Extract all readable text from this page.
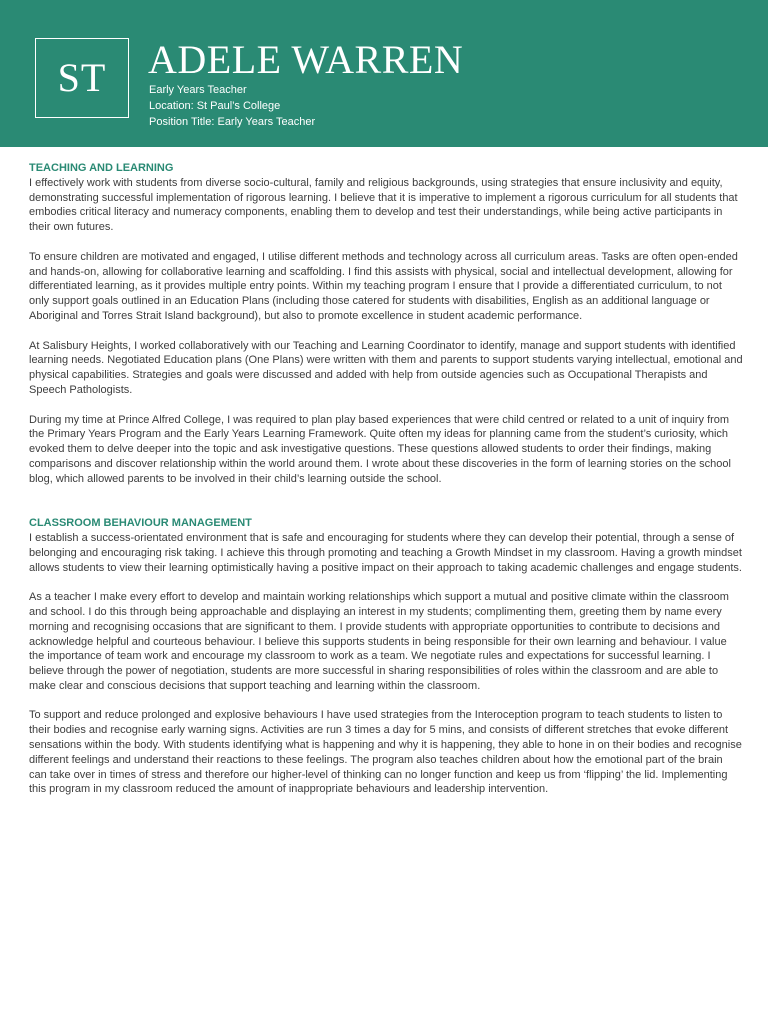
ST	ADELE WARREN
Early Years Teacher
Location: St Paul’s College
Position Title: Early Years Teacher
TEACHING AND LEARNING

I effectively work with students from diverse socio-cultural, family and religious backgrounds, using strategies that ensure inclusivity and equity, demonstrating successful implementation of rigorous learning. I believe that it is imperative to implement a rigorous curriculum for all students that embodies critical literacy and numeracy components, enabling them to develop and test their understandings, while being active participants in their own futures.

To ensure children are motivated and engaged, I utilise different methods and technology across all curriculum areas. Tasks are often open-ended and hands-on, allowing for collaborative learning and scaffolding. I find this assists with physical, social and intellectual development, allowing for differentiated learning, as it provides multiple entry points. Within my teaching program I ensure that I provide a differentiated curriculum, to not only support goals outlined in an Education Plans (including those catered for students with disabilities, English as an additional language or Aboriginal and Torres Strait Island background), but also to promote excellence in student academic performance.

At Salisbury Heights, I worked collaboratively with our Teaching and Learning Coordinator to identify, manage and support students with identified learning needs. Negotiated Education plans (One Plans) were written with them and parents to support students varying intellectual, emotional and physical capabilities. Strategies and goals were discussed and added with help from outside agencies such as Occupational Therapists and Speech Pathologists.

During my time at Prince Alfred College, I was required to plan play based experiences that were child centred or related to a unit of inquiry from the Primary Years Program and the Early Years Learning Framework. Quite often my ideas for planning came from the student’s curiosity, which evoked them to delve deeper into the topic and ask investigative questions. These questions allowed students to order their findings, making comparisons and discover relationship within the world around them. I wrote about these discoveries in the form of learning stories on the school blog, which allowed parents to be involved in their child’s learning outside the school.

CLASSROOM BEHAVIOUR MANAGEMENT

I establish a success-orientated environment that is safe and encouraging for students where they can develop their potential, through a sense of belonging and encouraging risk taking. I achieve this through promoting and teaching a Growth Mindset in my classroom. Having a growth mindset allows students to view their learning optimistically having a positive impact on their approach to taking academic challenges and engage students.

As a teacher I make every effort to develop and maintain working relationships which support a mutual and positive climate within the classroom and school. I do this through being approachable and displaying an interest in my students; complimenting them, greeting them by name every morning and recognising occasions that are significant to them. I provide students with appropriate opportunities to contribute to decisions and acknowledge helpful and courteous behaviour. I believe this supports students in being responsible for their own learning and behaviour. I value the importance of team work and encourage my classroom to work as a team. We negotiate rules and expectations for successful learning. I believe through the power of negotiation, students are more successful in sharing responsibilities of roles within the classroom and are able to make clear and conscious decisions that support teaching and learning within the classroom.

To support and reduce prolonged and explosive behaviours I have used strategies from the Interoception program to teach students to listen to their bodies and recognise early warning signs. Activities are run 3 times a day for 5 mins, and consists of different stretches that evoke different sensations within the body. With students identifying what is happening and why it is happening, they able to hone in on their bodies and recognise different feelings and understand their reactions to these feelings. The program also teaches children about how the emotional part of the brain can take over in times of stress and therefore our higher-level of thinking can no longer function and keep us from ‘flipping’ the lid. Implementing this program in my classroom reduced the amount of inappropriate behaviours and leadership intervention.
